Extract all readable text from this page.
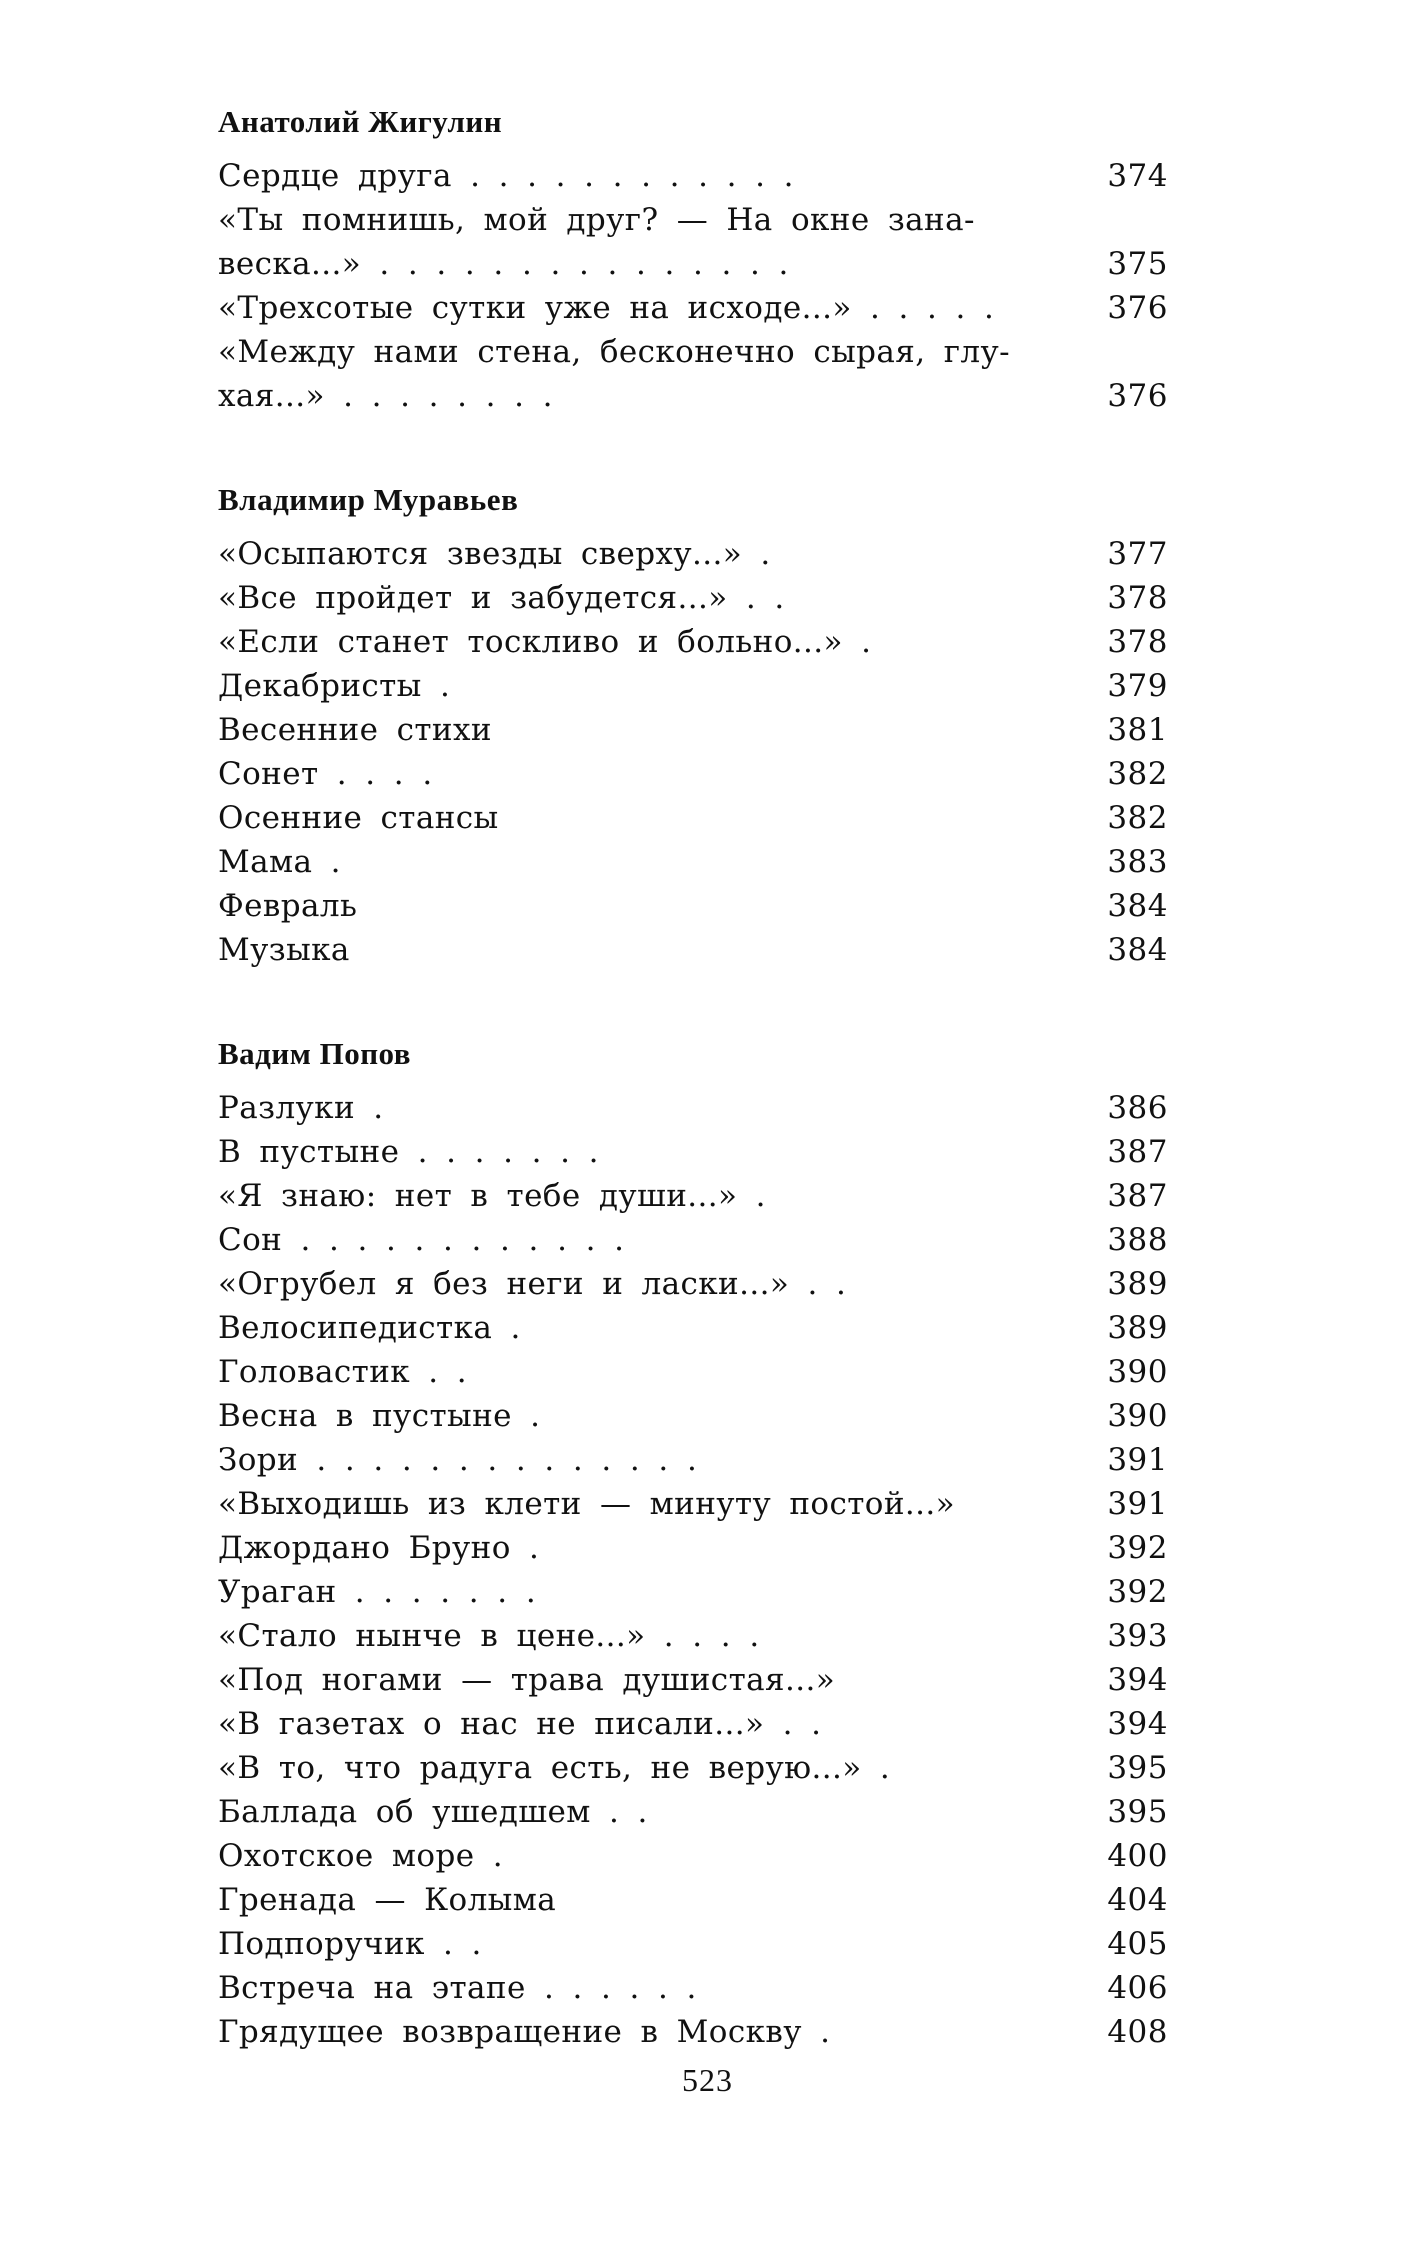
Анатолий Жигулин
Сердце друга . . . . . . . . . . . .	374
«Ты помнишь, мой друг? — На окне зана-
веска...» . . . . . . . . . . . . . . .	375
«Трехсотые сутки уже на исходе...» . . . . .	376
«Между нами стена, бесконечно сырая, глу-
хая...» . . . . . . . .	376
Владимир Муравьев
«Осыпаются звезды сверху...» .	377
«Все пройдет и забудется...» . .	378
«Если станет тоскливо и больно...» .	378
Декабристы .	379
Весенние стихи	381
Сонет . . . .	382
Осенние стансы	382
Мама .	383
Февраль	384
Музыка	384
Вадим Попов
Разлуки .	386
В пустыне . . . . . . .	387
«Я знаю: нет в тебе души...» .	387
Сон . . . . . . . . . . . .	388
«Огрубел я без неги и ласки...» . .	389
Велосипедистка .	389
Головастик . .	390
Весна в пустыне .	390
Зори . . . . . . . . . . . . . .	391
«Выходишь из клети — минуту постой...»	391
Джордано Бруно .	392
Ураган . . . . . . .	392
«Стало нынче в цене...» . . . .	393
«Под ногами — трава душистая...»	394
«В газетах о нас не писали...» . .	394
«В то, что радуга есть, не верую...» .	395
Баллада об ушедшем . .	395
Охотское море .	400
Гренада — Колыма	404
Подпоручик . .	405
Встреча на этапе . . . . . .	406
Грядущее возвращение в Москву .	408
523
